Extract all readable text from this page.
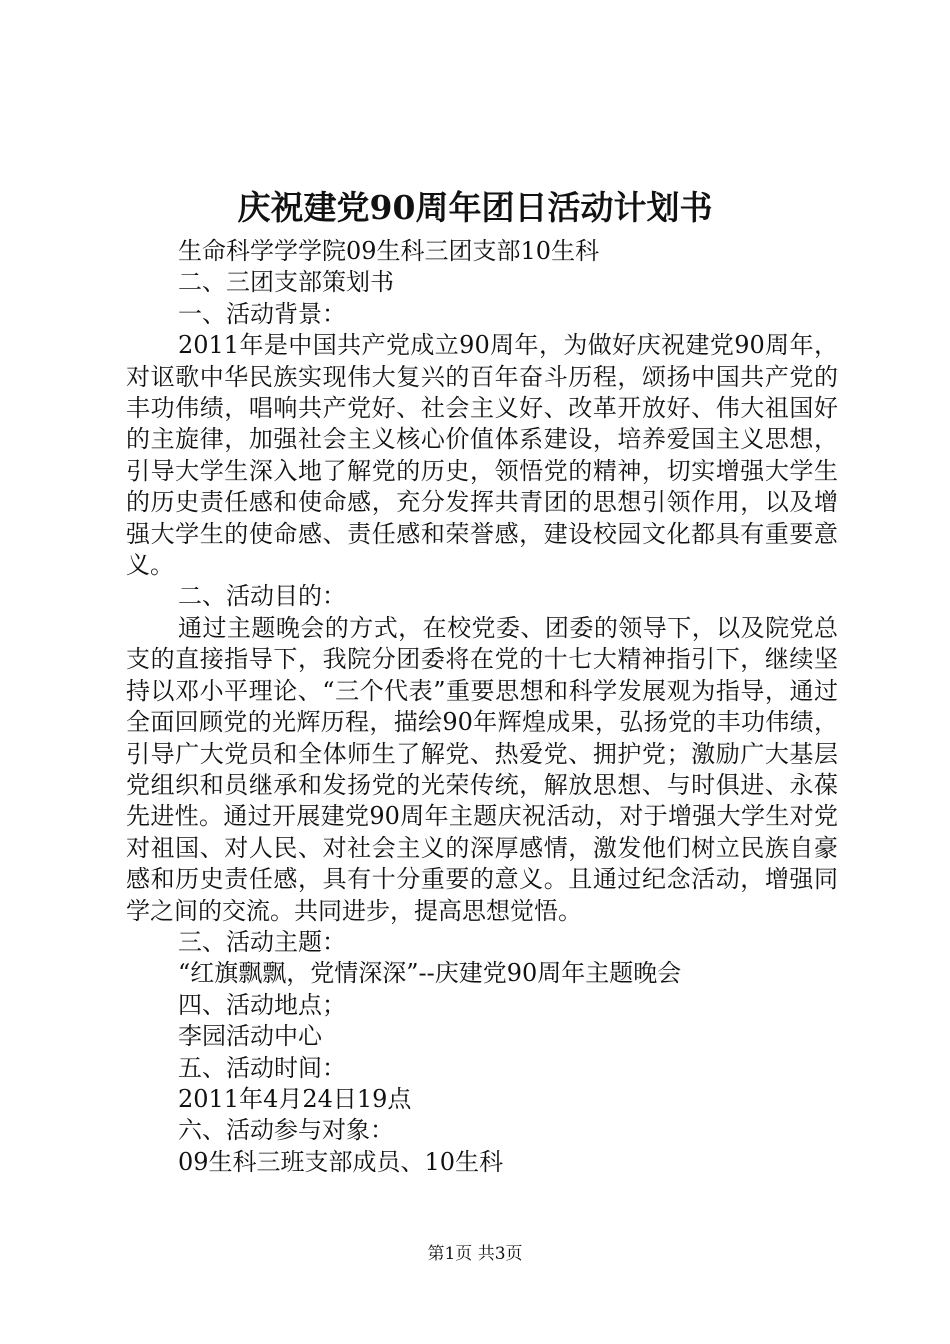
庆祝建党90周年团日活动计划书

生命科学学学院09生科三团支部10生科

二、三团支部策划书

一、活动背景：

2011年是中国共产党成立90周年，为做好庆祝建党90周年，对讴歌中华民族实现伟大复兴的百年奋斗历程，颂扬中国共产党的丰功伟绩，唱响共产党好、社会主义好、改革开放好、伟大祖国好的主旋律，加强社会主义核心价值体系建设，培养爱国主义思想，引导大学生深入地了解党的历史，领悟党的精神，切实增强大学生的历史责任感和使命感，充分发挥共青团的思想引领作用，以及增强大学生的使命感、责任感和荣誉感，建设校园文化都具有重要意义。

二、活动目的：

通过主题晚会的方式，在校党委、团委的领导下，以及院党总支的直接指导下，我院分团委将在党的十七大精神指引下，继续坚持以邓小平理论、“三个代表”重要思想和科学发展观为指导，通过全面回顾党的光辉历程，描绘90年辉煌成果，弘扬党的丰功伟绩，引导广大党员和全体师生了解党、热爱党、拥护党；激励广大基层党组织和员继承和发扬党的光荣传统，解放思想、与时俱进、永葆先进性。通过开展建党90周年主题庆祝活动，对于增强大学生对党对祖国、对人民、对社会主义的深厚感情，激发他们树立民族自豪感和历史责任感，具有十分重要的意义。且通过纪念活动，增强同学之间的交流。共同进步，提高思想觉悟。

三、活动主题：

“红旗飘飘，党情深深”--庆建党90周年主题晚会

四、活动地点；

李园活动中心

五、活动时间：

2011年4月24日19点

六、活动参与对象：

09生科三班支部成员、10生科

第1页 共3页
